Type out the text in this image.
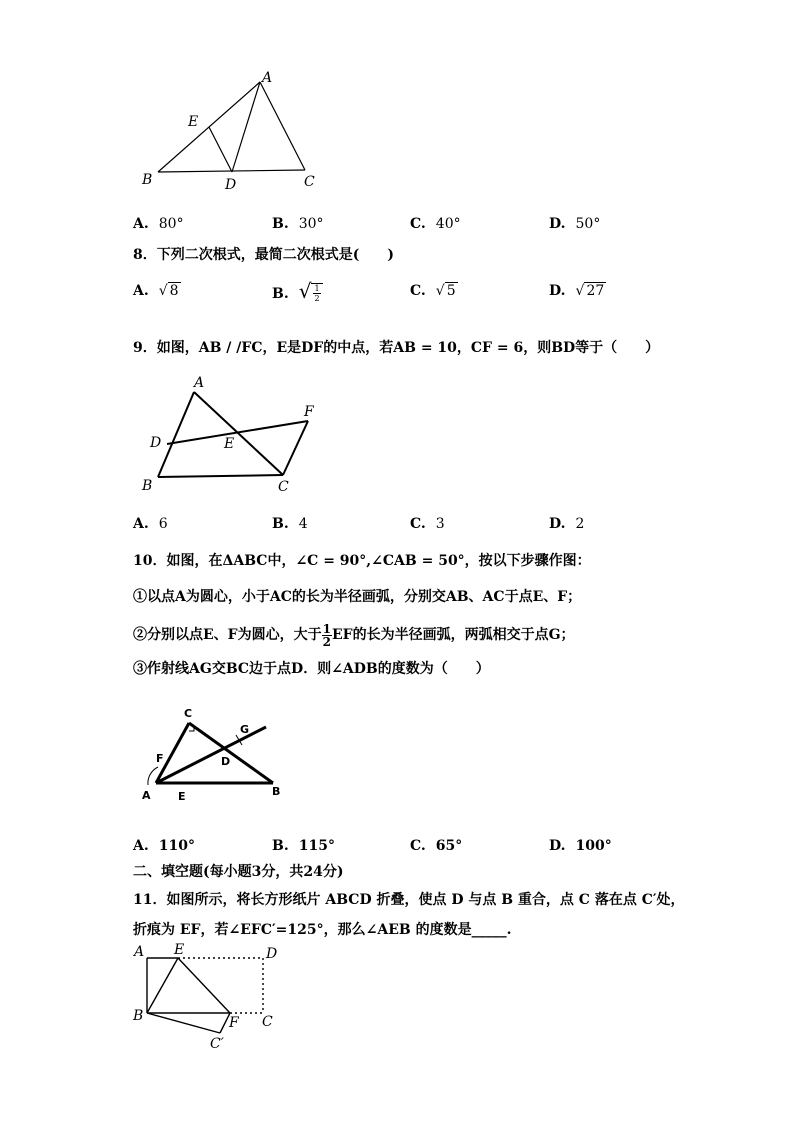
A
E
B	D	C
A. 80°	B. 30°	C. 40°	D. 50°
8．下列二次根式，最简二次根式是(　　)
A. √ 8	B. √ $\frac{1}{2}$	C. √ 5	D. √ 27
9．如图，AB / /FC，E是DF的中点，若AB = 10，CF = 6，则BD等于（　　）
A
F
D	E
B	C
A. 6	B. 4	C. 3	D. 2
10．如图，在ΔABC中，∠C = 90°,∠CAB = 50°，按以下步骤作图：
①以点A为圆心，小于AC的长为半径画弧，分别交AB、AC于点E、F；
②分别以点E、F为圆心，大于 $\frac{1}{2}$ EF的长为半径画弧，两弧相交于点G；
③作射线AG交BC边于点D．则∠ADB的度数为（　　）
C
G
F	D
A E	B
A. 110°	B. 115°	C. 65°	D. 100°
二、填空题(每小题3分，共24分)
11．如图所示，将长方形纸片 ABCD 折叠，使点 D 与点 B 重合，点 C 落在点 C′处，
折痕为 EF，若∠EFC′=125°，那么∠AEB 的度数是_____.
A E	D
B	F C
C′
